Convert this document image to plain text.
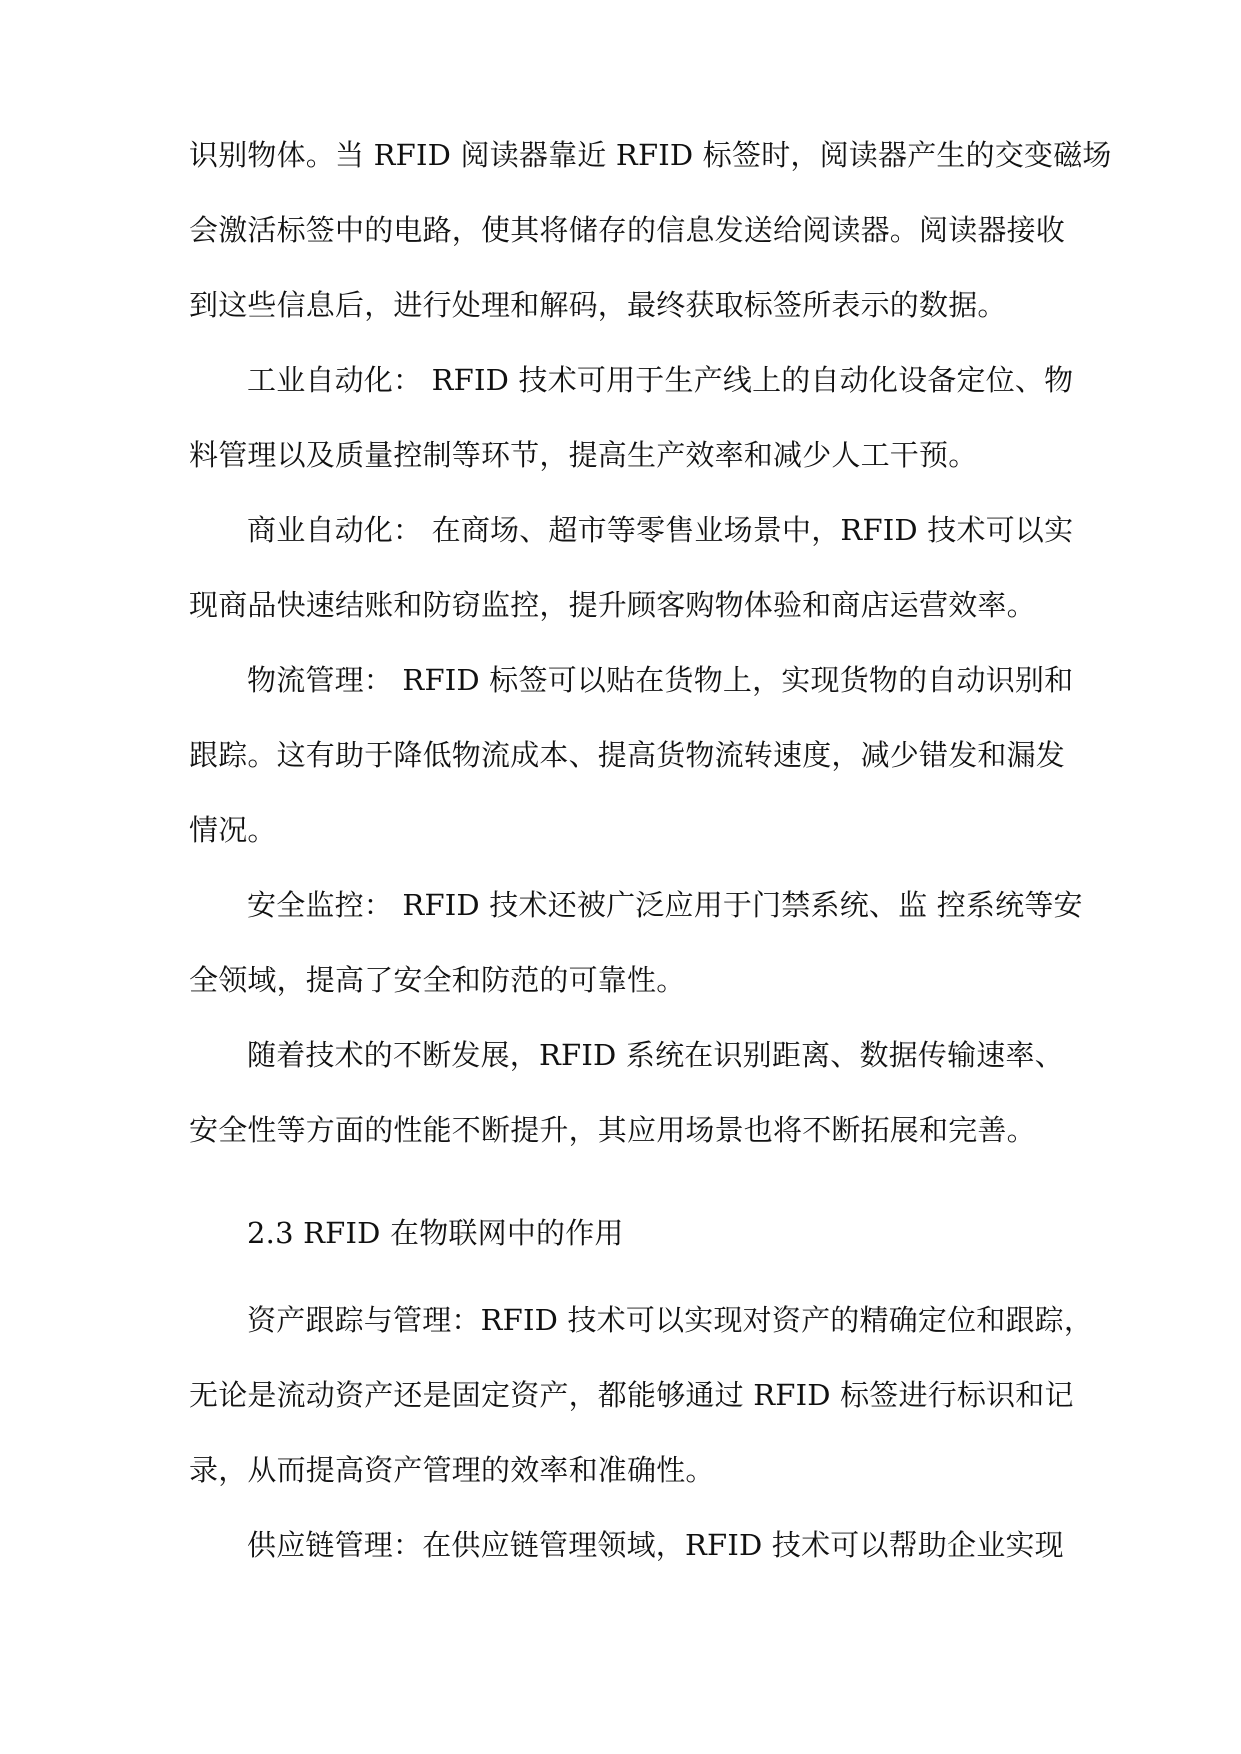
识别物体。当 RFID 阅读器靠近 RFID 标签时，阅读器产生的交变磁场
会激活标签中的电路，使其将储存的信息发送给阅读器。阅读器接收
到这些信息后，进行处理和解码，最终获取标签所表示的数据。
工业自动化： RFID 技术可用于生产线上的自动化设备定位、物
料管理以及质量控制等环节，提高生产效率和减少人工干预。
商业自动化： 在商场、超市等零售业场景中，RFID 技术可以实
现商品快速结账和防窃监控，提升顾客购物体验和商店运营效率。
物流管理： RFID 标签可以贴在货物上，实现货物的自动识别和
跟踪。这有助于降低物流成本、提高货物流转速度，减少错发和漏发
情况。
安全监控： RFID 技术还被广泛应用于门禁系统、监 控系统等安
全领域，提高了安全和防范的可靠性。
随着技术的不断发展，RFID 系统在识别距离、数据传输速率、
安全性等方面的性能不断提升，其应用场景也将不断拓展和完善。
2.3 RFID 在物联网中的作用
资产跟踪与管理：RFID 技术可以实现对资产的精确定位和跟踪，
无论是流动资产还是固定资产，都能够通过 RFID 标签进行标识和记
录，从而提高资产管理的效率和准确性。
供应链管理：在供应链管理领域，RFID 技术可以帮助企业实现
